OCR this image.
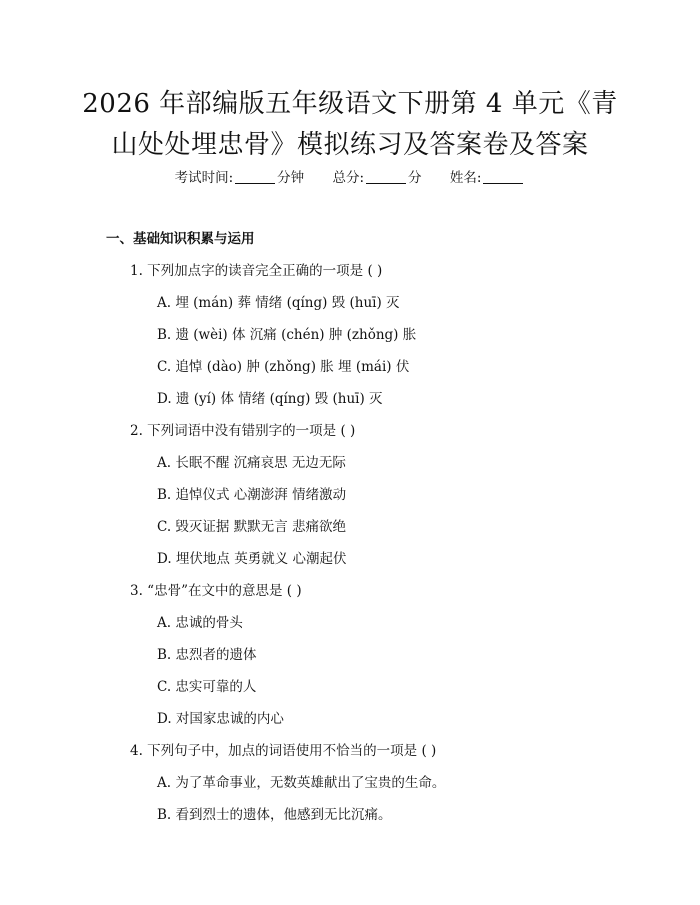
2026 年部编版五年级语文下册第 4 单元《青
山处处埋忠骨》模拟练习及答案卷及答案
考试时间:	分钟 总分:	分 姓名:
一、基础知识积累与运用
1. 下列加点字的读音完全正确的一项是 ( )
A. 埋 (mán) 葬 情绪 (qíng) 毁 (huī) 灭
B. 遗 (wèi) 体 沉痛 (chén) 肿 (zhǒng) 胀
C. 追悼 (dào) 肿 (zhǒng) 胀 埋 (mái) 伏
D. 遗 (yí) 体 情绪 (qíng) 毁 (huī) 灭
2. 下列词语中没有错别字的一项是 ( )
A. 长眠不醒 沉痛哀思 无边无际
B. 追悼仪式 心潮澎湃 情绪激动
C. 毁灭证据 默默无言 悲痛欲绝
D. 埋伏地点 英勇就义 心潮起伏
3. “忠骨”在文中的意思是 ( )
A. 忠诚的骨头
B. 忠烈者的遗体
C. 忠实可靠的人
D. 对国家忠诚的内心
4. 下列句子中，加点的词语使用不恰当的一项是 ( )
A. 为了革命事业，无数英雄献出了宝贵的生命。
B. 看到烈士的遗体，他感到无比沉痛。
